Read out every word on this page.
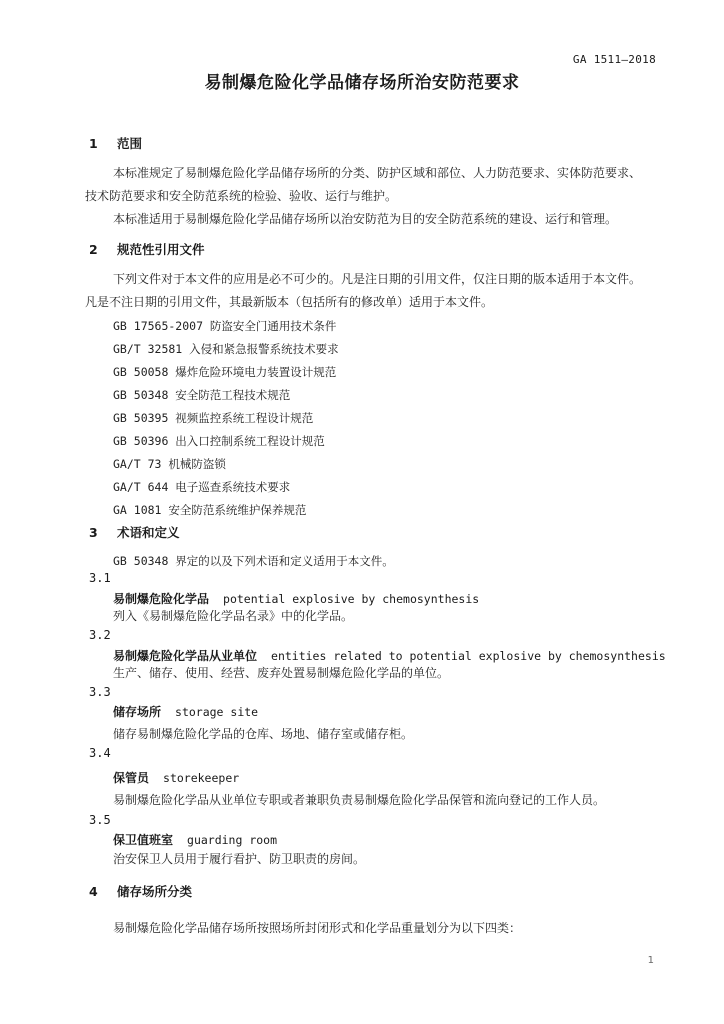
GA 1511—2018
易制爆危险化学品储存场所治安防范要求
1 范围
本标准规定了易制爆危险化学品储存场所的分类、防护区域和部位、人力防范要求、实体防范要求、
技术防范要求和安全防范系统的检验、验收、运行与维护。
本标准适用于易制爆危险化学品储存场所以治安防范为目的安全防范系统的建设、运行和管理。
2 规范性引用文件
下列文件对于本文件的应用是必不可少的。凡是注日期的引用文件，仅注日期的版本适用于本文件。
凡是不注日期的引用文件，其最新版本（包括所有的修改单）适用于本文件。
GB 17565-2007 防盗安全门通用技术条件
GB/T 32581 入侵和紧急报警系统技术要求
GB 50058 爆炸危险环境电力装置设计规范
GB 50348 安全防范工程技术规范
GB 50395 视频监控系统工程设计规范
GB 50396 出入口控制系统工程设计规范
GA/T 73 机械防盗锁
GA/T 644 电子巡查系统技术要求
GA 1081 安全防范系统维护保养规范
3 术语和定义
GB 50348 界定的以及下列术语和定义适用于本文件。
3.1
易制爆危险化学品 potential explosive by chemosynthesis
列入《易制爆危险化学品名录》中的化学品。
3.2
易制爆危险化学品从业单位 entities related to potential explosive by chemosynthesis
生产、储存、使用、经营、废弃处置易制爆危险化学品的单位。
3.3
储存场所 storage site
储存易制爆危险化学品的仓库、场地、储存室或储存柜。
3.4
保管员 storekeeper
易制爆危险化学品从业单位专职或者兼职负责易制爆危险化学品保管和流向登记的工作人员。
3.5
保卫值班室 guarding room
治安保卫人员用于履行看护、防卫职责的房间。
4 储存场所分类
易制爆危险化学品储存场所按照场所封闭形式和化学品重量划分为以下四类：
1
